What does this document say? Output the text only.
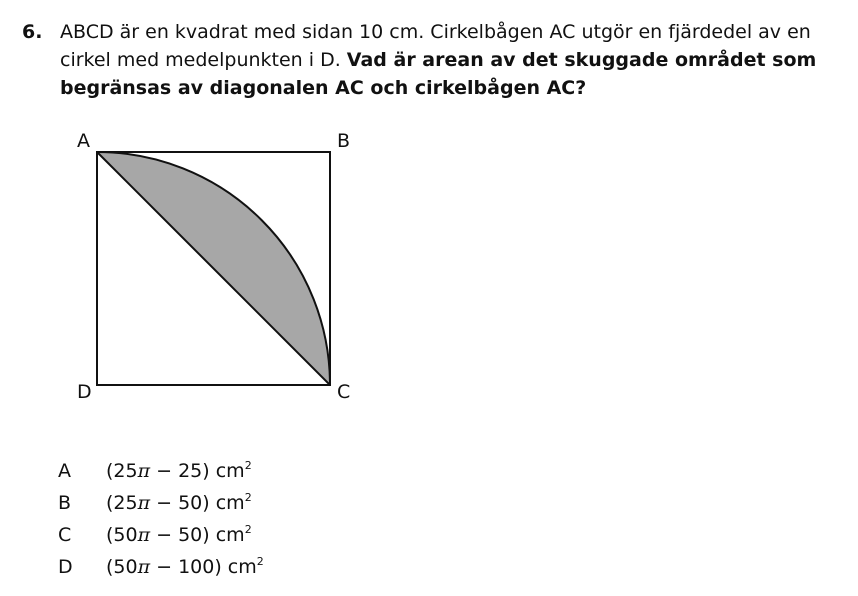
6. ABCD är en kvadrat med sidan 10 cm. Cirkelbågen AC utgör en fjärdedel av en cirkel med medelpunkten i D. Vad är arean av det skuggade området som begränsas av diagonalen AC och cirkelbågen AC?
A	B
D	C
A	(25π − 25) $cm^2$
B	(25π − 50) $cm^2$
C	(50π − 50) $cm^2$
D	(50π − 100) $cm^2$
